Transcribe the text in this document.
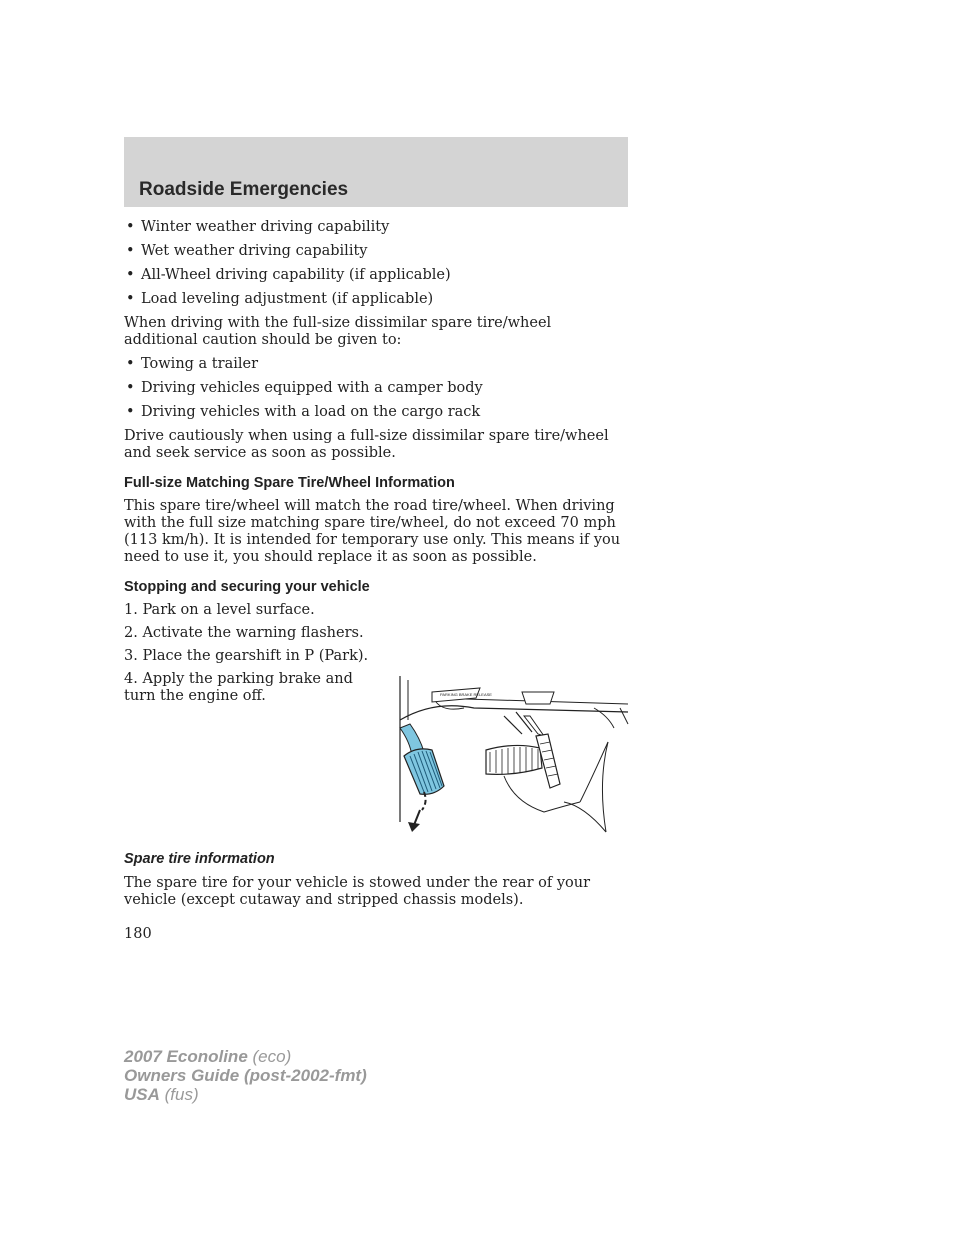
Roadside Emergencies
• Winter weather driving capability
• Wet weather driving capability
• All-Wheel driving capability (if applicable)
• Load leveling adjustment (if applicable)

When driving with the full-size dissimilar spare tire/wheel additional caution should be given to:

• Towing a trailer
• Driving vehicles equipped with a camper body
• Driving vehicles with a load on the cargo rack

Drive cautiously when using a full-size dissimilar spare tire/wheel and seek service as soon as possible.

Full-size Matching Spare Tire/Wheel Information

This spare tire/wheel will match the road tire/wheel. When driving with the full size matching spare tire/wheel, do not exceed 70 mph (113 km/h). It is intended for temporary use only. This means if you need to use it, you should replace it as soon as possible.

Stopping and securing your vehicle
1. Park on a level surface.
2. Activate the warning flashers.
3. Place the gearshift in P (Park).
4. Apply the parking brake and turn the engine off.	PARKING BRAKE RELEASE
Spare tire information

The spare tire for your vehicle is stowed under the rear of your vehicle (except cutaway and stripped chassis models).

180
2007 Econoline (eco)
Owners Guide (post-2002-fmt)
USA (fus)
